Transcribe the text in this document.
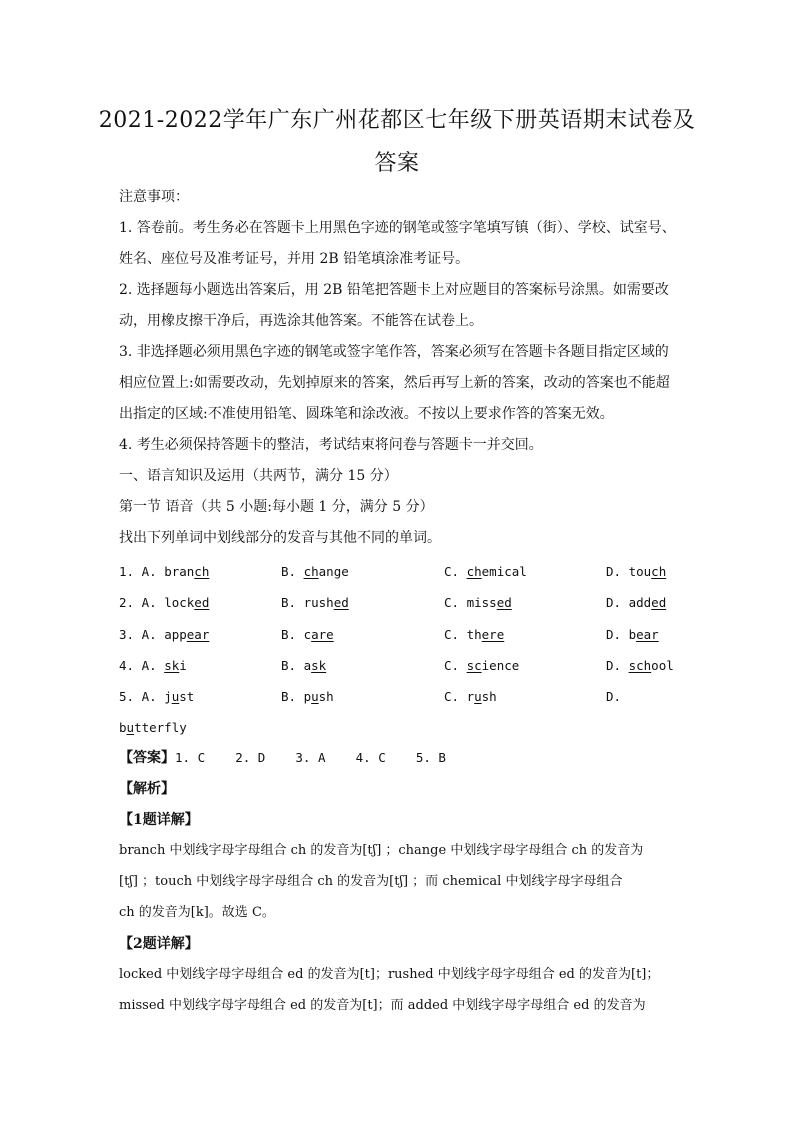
2021-2022学年广东广州花都区七年级下册英语期末试卷及
答案
注意事项：
1. 答卷前。考生务必在答题卡上用黑色字迹的钢笔或签字笔填写镇（街）、学校、试室号、
姓名、座位号及准考证号，并用 2B 铅笔填涂准考证号。
2. 选择题每小题选出答案后，用 2B 铅笔把答题卡上对应题目的答案标号涂黑。如需要改
动，用橡皮擦干净后，再选涂其他答案。不能答在试卷上。
3. 非选择题必须用黑色字迹的钢笔或签字笔作答，答案必须写在答题卡各题目指定区域的
相应位置上:如需要改动，先划掉原来的答案，然后再写上新的答案，改动的答案也不能超
出指定的区域:不准使用铅笔、圆珠笔和涂改液。不按以上要求作答的答案无效。
4. 考生必须保持答题卡的整洁，考试结束将问卷与答题卡一并交回。
一、语言知识及运用（共两节，满分 15 分）
第一节 语音（共 5 小题:每小题 1 分，满分 5 分）
找出下列单词中划线部分的发音与其他不同的单词。
1. A. branch	B. change	C. chemical	D. touch
2. A. locked	B. rushed	C. missed	D. added
3. A. appear	B. care	C. there	D. bear
4. A. ski	B. ask	C. science	D. school
5. A. just	B. push	C. rush	D.
butterfly
【答案】1. C    2. D    3. A    4. C    5. B
【解析】
【1题详解】
branch 中划线字母字母组合 ch 的发音为[tʃ] ；change 中划线字母字母组合 ch 的发音为
[tʃ] ；touch 中划线字母字母组合 ch 的发音为[tʃ] ；而 chemical 中划线字母字母组合
ch 的发音为[k]。故选 C。
【2题详解】
locked 中划线字母字母组合 ed 的发音为[t]；rushed 中划线字母字母组合 ed 的发音为[t]；
missed 中划线字母字母组合 ed 的发音为[t]；而 added 中划线字母字母组合 ed 的发音为
